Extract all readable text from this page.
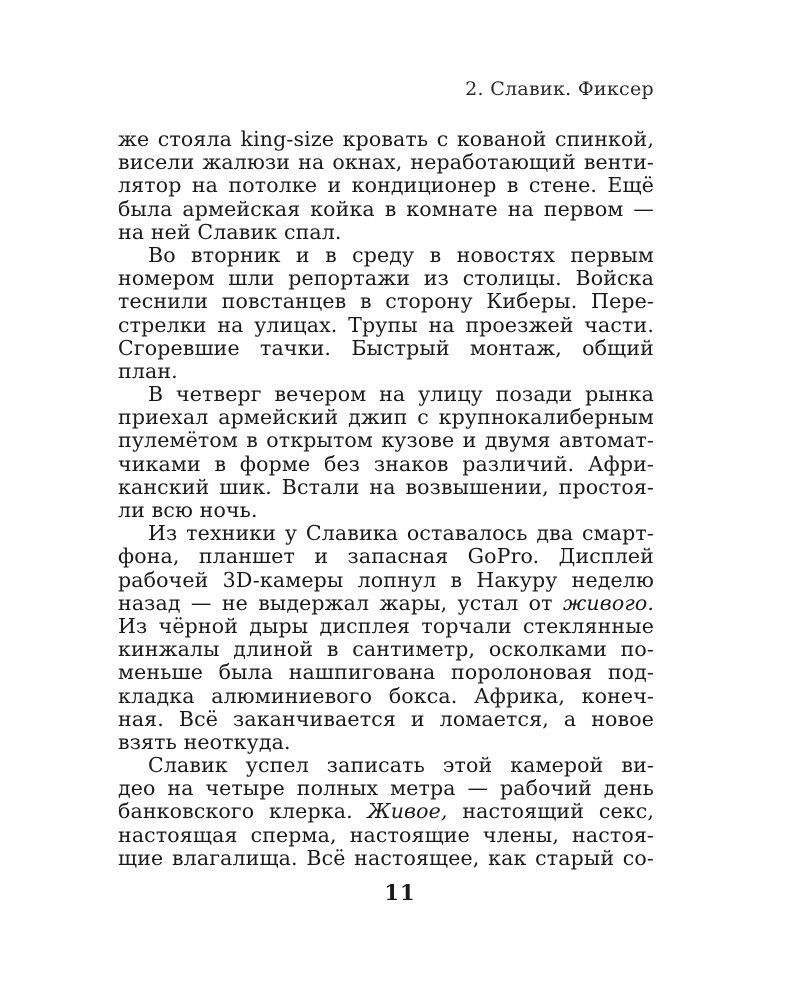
2. Славик. Фиксер
же стояла king-size кровать с кованой спинкой,
висели жалюзи на окнах, неработающий венти-
лятор на потолке и кондиционер в стене. Ещё
была армейская койка в комнате на первом —
на ней Славик спал.
Во вторник и в среду в новостях первым
номером шли репортажи из столицы. Войска
теснили повстанцев в сторону Киберы. Пере-
стрелки на улицах. Трупы на проезжей части.
Сгоревшие тачки. Быстрый монтаж, общий
план.
В четверг вечером на улицу позади рынка
приехал армейский джип с крупнокалиберным
пулемётом в открытом кузове и двумя автомат-
чиками в форме без знаков различий. Афри-
канский шик. Встали на возвышении, простоя-
ли всю ночь.
Из техники у Славика оставалось два смарт-
фона, планшет и запасная GoPro. Дисплей
рабочей 3D-камеры лопнул в Накуру неделю
назад — не выдержал жары, устал от живого.
Из чёрной дыры дисплея торчали стеклянные
кинжалы длиной в сантиметр, осколками по-
меньше была нашпигована поролоновая под-
кладка алюминиевого бокса. Африка, конеч-
ная. Всё заканчивается и ломается, а новое
взять неоткуда.
Славик успел записать этой камерой ви-
део на четыре полных метра — рабочий день
банковского клерка. Живое, настоящий секс,
настоящая сперма, настоящие члены, настоя-
щие влагалища. Всё настоящее, как старый со-
11
